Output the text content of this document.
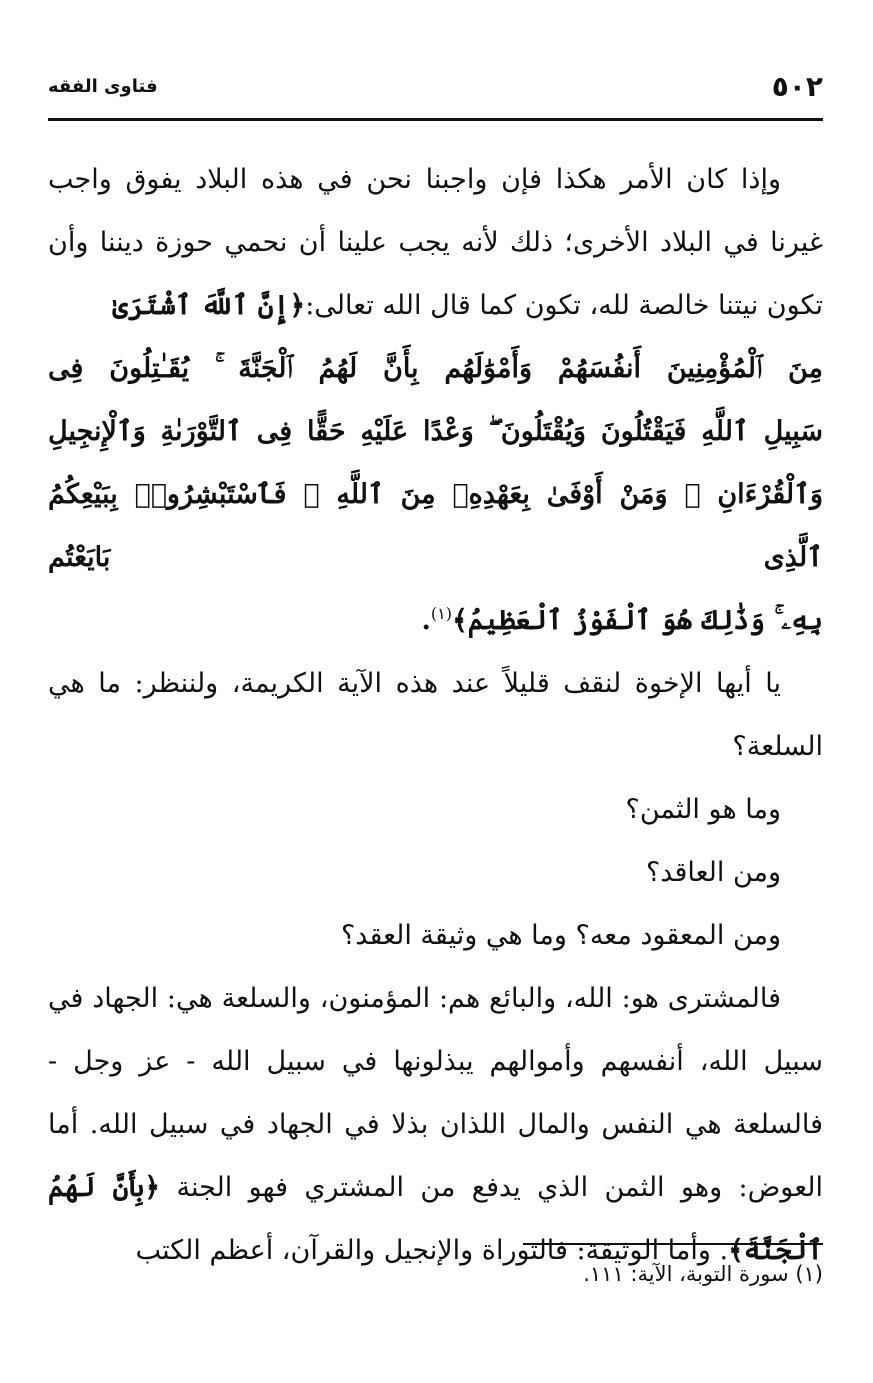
٥٠٢
فتاوى الفقه

وإذا كان الأمر هكذا فإن واجبنا نحن في هذه البلاد يفوق واجب غيرنا في البلاد الأخرى؛ ذلك لأنه يجب علينا أن نحمي حوزة ديننا وأن تكون نيتنا خالصة لله، تكون كما قال الله تعالى:﴿إِنَّ ٱللَّهَ ٱشْتَرَىٰ

مِنَ ٱلْمُؤْمِنِينَ أَنفُسَهُمْ وَأَمْوَٰلَهُم بِأَنَّ لَهُمُ ٱلْجَنَّةَ ۚ يُقَـٰتِلُونَ فِى

سَبِيلِ ٱللَّهِ فَيَقْتُلُونَ وَيُقْتَلُونَ ۖ وَعْدًا عَلَيْهِ حَقًّا فِى ٱلتَّوْرَىٰةِ وَٱلْإِنجِيلِ

وَٱلْقُرْءَانِ ۚ وَمَنْ أَوْفَىٰ بِعَهْدِهِۦ مِنَ ٱللَّهِ ۚ فَٱسْتَبْشِرُوا۟ بِبَيْعِكُمُ ٱلَّذِى بَايَعْتُم

بِهِۦ ۚ وَذَٰلِكَ هُوَ ٱلْفَوْزُ ٱلْعَظِيمُ﴾$^{(١)}$.

يا أيها الإخوة لنقف قليلاً عند هذه الآية الكريمة، ولننظر: ما هي السلعة؟

وما هو الثمن؟

ومن العاقد؟

ومن المعقود معه؟ وما هي وثيقة العقد؟

فالمشترى هو: الله، والبائع هم: المؤمنون، والسلعة هي: الجهاد في سبيل الله، أنفسهم وأموالهم يبذلونها في سبيل الله - عز وجل - فالسلعة هي النفس والمال اللذان بذلا في الجهاد في سبيل الله. أما العوض: وهو الثمن الذي يدفع من المشتري فهو الجنة ﴿بِأَنَّ لَهُمُ ٱلْجَنَّةَ﴾. وأما الوثيقة: فالتوراة والإنجيل والقرآن، أعظم الكتب

(١) سورة التوبة، الآية: ١١١.
